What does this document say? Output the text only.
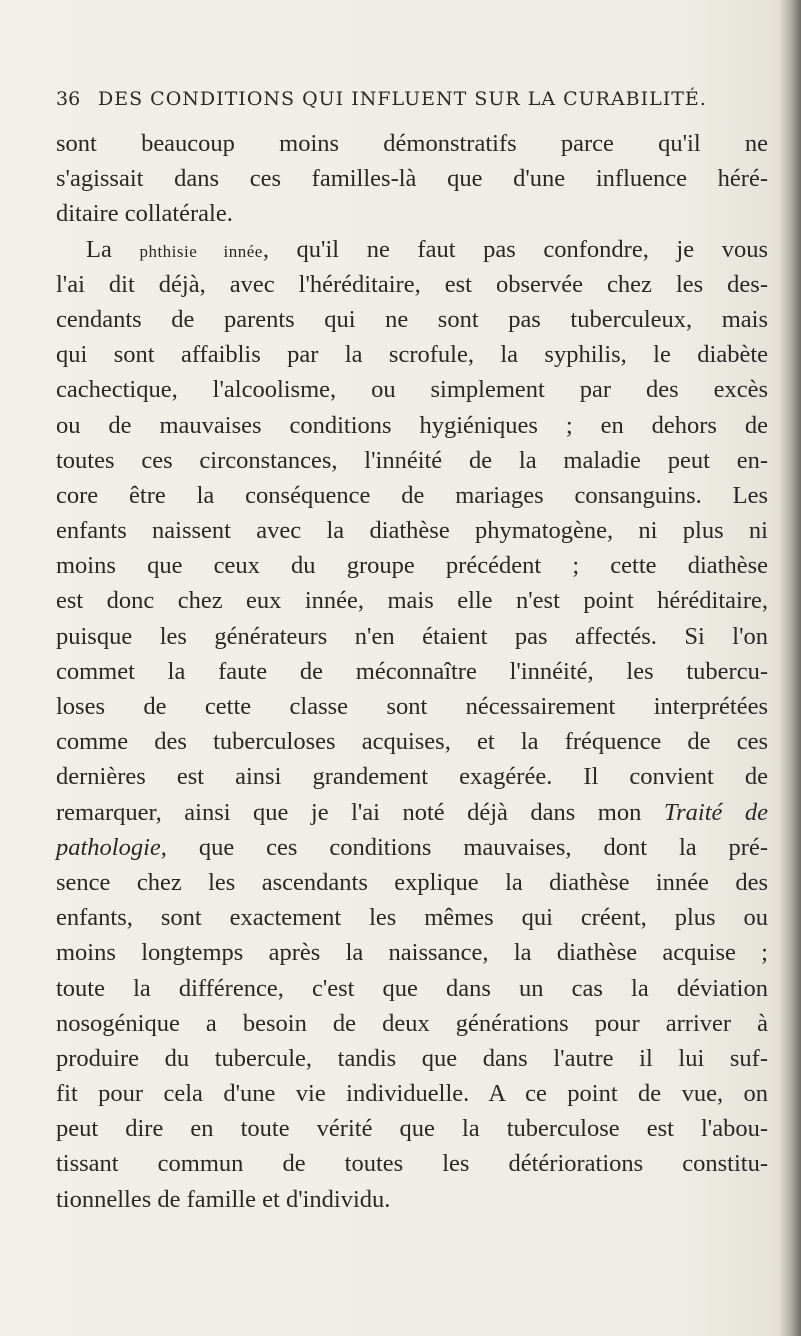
36 DES CONDITIONS QUI INFLUENT SUR LA CURABILITÉ.
sont beaucoup moins démonstratifs parce qu'il ne
s'agissait dans ces familles-là que d'une influence héré-
ditaire collatérale.
La phthisie innée, qu'il ne faut pas confondre, je vous
l'ai dit déjà, avec l'héréditaire, est observée chez les des-
cendants de parents qui ne sont pas tuberculeux, mais
qui sont affaiblis par la scrofule, la syphilis, le diabète
cachectique, l'alcoolisme, ou simplement par des excès
ou de mauvaises conditions hygiéniques ; en dehors de
toutes ces circonstances, l'innéité de la maladie peut en-
core être la conséquence de mariages consanguins. Les
enfants naissent avec la diathèse phymatogène, ni plus ni
moins que ceux du groupe précédent ; cette diathèse
est donc chez eux innée, mais elle n'est point héréditaire,
puisque les générateurs n'en étaient pas affectés. Si l'on
commet la faute de méconnaître l'innéité, les tubercu-
loses de cette classe sont nécessairement interprétées
comme des tuberculoses acquises, et la fréquence de ces
dernières est ainsi grandement exagérée. Il convient de
remarquer, ainsi que je l'ai noté déjà dans mon Traité de
pathologie, que ces conditions mauvaises, dont la pré-
sence chez les ascendants explique la diathèse innée des
enfants, sont exactement les mêmes qui créent, plus ou
moins longtemps après la naissance, la diathèse acquise ;
toute la différence, c'est que dans un cas la déviation
nosogénique a besoin de deux générations pour arriver à
produire du tubercule, tandis que dans l'autre il lui suf-
fit pour cela d'une vie individuelle. A ce point de vue, on
peut dire en toute vérité que la tuberculose est l'abou-
tissant commun de toutes les détériorations constitu-
tionnelles de famille et d'individu.
